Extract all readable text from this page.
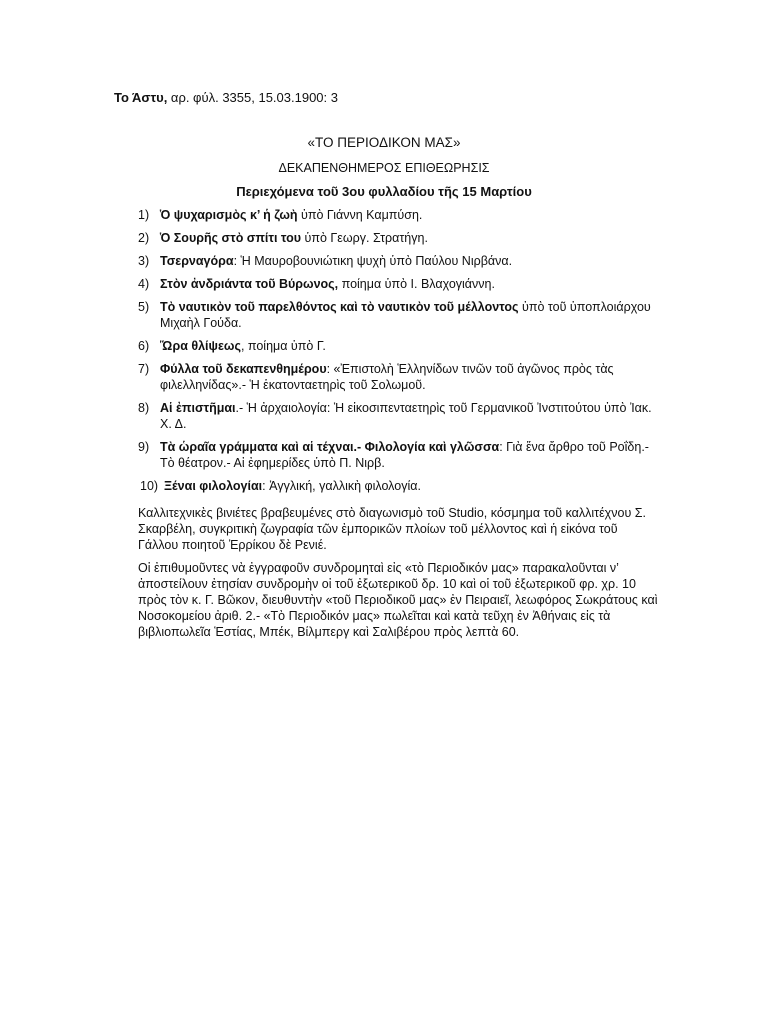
Το Άστυ, αρ. φύλ. 3355, 15.03.1900: 3
«ΤΟ ΠΕΡΙΟΔΙΚΟΝ ΜΑΣ»
ΔΕΚΑΠΕΝΘΗΜΕΡΟΣ ΕΠΙΘΕΩΡΗΣΙΣ
Περιεχόμενα τοῦ 3ου φυλλαδίου τῆς 15 Μαρτίου
1) Ὁ ψυχαρισμὸς κ’ ἡ ζωὴ ὑπὸ Γιάννη Καμπύση.
2) Ὁ Σουρῆς στὸ σπίτι του ὑπὸ Γεωργ. Στρατήγη.
3) Τσερναγόρα: Ἡ Μαυροβουνιώτικη ψυχὴ ὑπὸ Παύλου Νιρβάνα.
4) Στὸν ἀνδριάντα τοῦ Βύρωνος, ποίημα ὑπὸ Ι. Βλαχογιάννη.
5) Τὸ ναυτικὸν τοῦ παρελθόντος καὶ τὸ ναυτικὸν τοῦ μέλλοντος ὑπὸ τοῦ ὑποπλοιάρχου Μιχαὴλ Γούδα.
6) Ὥρα θλίψεως, ποίημα ὑπὸ Γ.
7) Φύλλα τοῦ δεκαπενθημέρου: «Ἐπιστολὴ Ἑλληνίδων τινῶν τοῦ ἀγῶνος πρὸς τὰς φιλελληνίδας».- Ἡ ἑκατονταετηρὶς τοῦ Σολωμοῦ.
8) Αἱ ἐπιστῆμαι.- Ἡ ἀρχαιολογία: Ἡ εἰκοσιπενταετηρὶς τοῦ Γερμανικοῦ Ἰνστιτούτου ὑπὸ Ἰακ. Χ. Δ.
9) Τὰ ὡραῖα γράμματα καὶ αἱ τέχναι.- Φιλολογία καὶ γλῶσσα: Γιὰ ἕνα ἄρθρο τοῦ Ροΐδη.- Τὸ θέατρον.- Αἱ ἐφημερίδες ὑπὸ Π. Νιρβ.
10) Ξέναι φιλολογίαι: Ἀγγλική, γαλλικὴ φιλολογία.

Καλλιτεχνικὲς βινιέτες βραβευμένες στὸ διαγωνισμὸ τοῦ Studio, κόσμημα τοῦ καλλιτέχνου Σ. Σκαρβέλη, συγκριτικὴ ζωγραφία τῶν ἐμπορικῶν πλοίων τοῦ μέλλοντος καὶ ἡ εἰκόνα τοῦ Γάλλου ποιητοῦ Ἐρρίκου δὲ Ρενιέ.

Οἱ ἐπιθυμοῦντες νὰ ἐγγραφοῦν συνδρομηταὶ εἰς «τὸ Περιοδικόν μας» παρακαλοῦνται ν’ ἀποστείλουν ἐτησίαν συνδρομὴν οἱ τοῦ ἐξωτερικοῦ δρ. 10 καὶ οἱ τοῦ ἐξωτερικοῦ φρ. χρ. 10 πρὸς τὸν κ. Γ. Βῶκον, διευθυντὴν «τοῦ Περιοδικοῦ μας» ἐν Πειραιεῖ, λεωφόρος Σωκράτους καὶ Νοσοκομείου ἀριθ. 2.- «Τὸ Περιοδικόν μας» πωλεῖται καὶ κατὰ τεῦχη ἐν Ἀθήναις εἰς τὰ βιβλιοπωλεῖα Ἑστίας, Μπέκ, Βίλμπεργ καὶ Σαλιβέρου πρὸς λεπτὰ 60.
